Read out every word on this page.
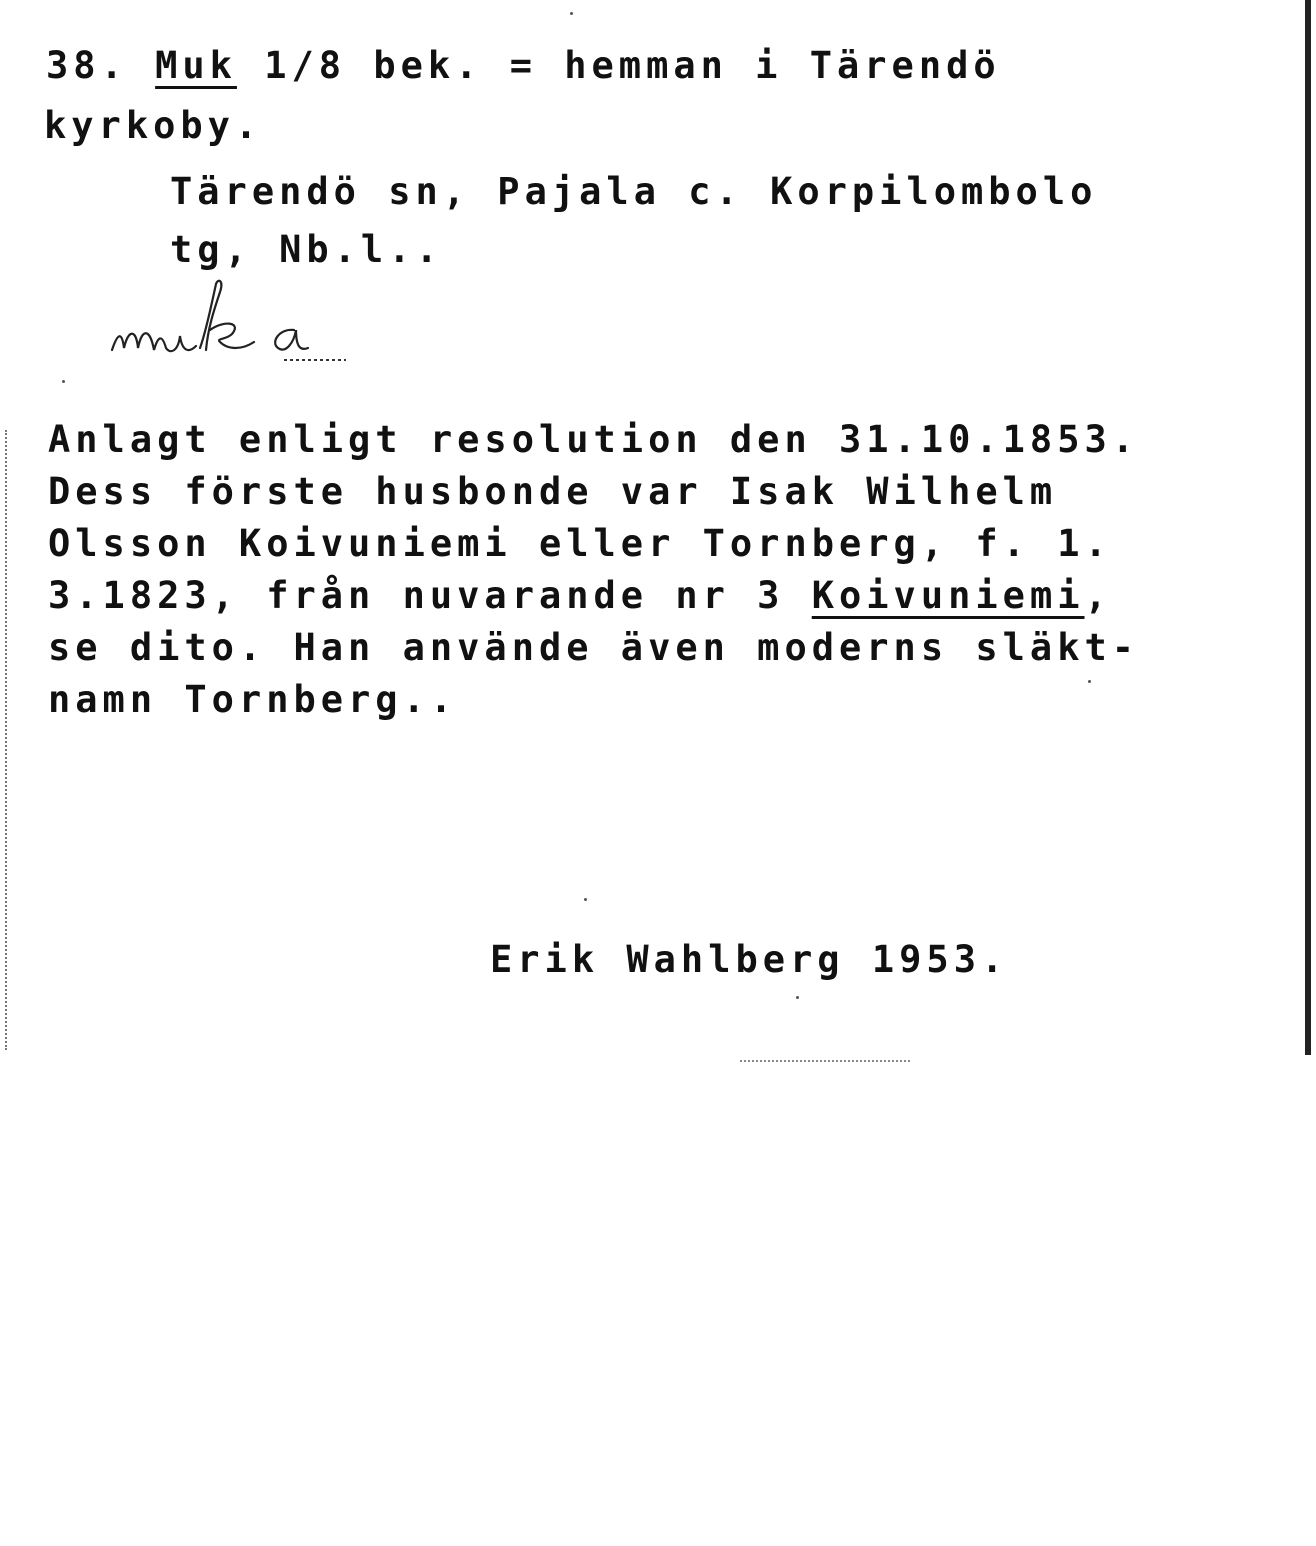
38. Muk 1/8 bek. = hemman i Tärendö
kyrkoby.
Tärendö sn, Pajala c. Korpilombolo
tg, Nb.l..
Anlagt enligt resolution den 31.10.1853.
Dess förste husbonde var Isak Wilhelm
Olsson Koivuniemi eller Tornberg, f. 1.
3.1823, från nuvarande nr 3 Koivuniemi,
se dito. Han använde även moderns släkt-
namn Tornberg..
Erik Wahlberg 1953.
